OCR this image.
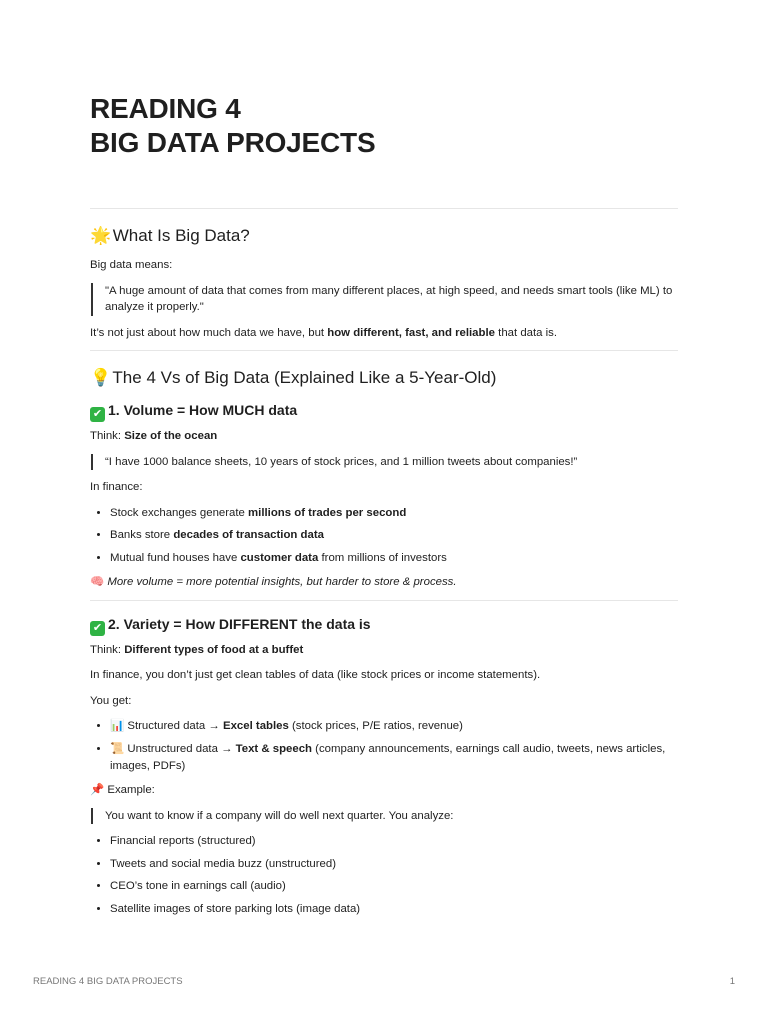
READING 4
BIG DATA PROJECTS
🌟 What Is Big Data?

Big data means:

"A huge amount of data that comes from many different places, at high speed, and needs smart tools (like ML) to analyze it properly."

It’s not just about how much data we have, but how different, fast, and reliable that data is.

💡 The 4 Vs of Big Data (Explained Like a 5-Year-Old)
✔ 1. Volume = How MUCH data

Think: Size of the ocean

“I have 1000 balance sheets, 10 years of stock prices, and 1 million tweets about companies!”

In finance:

• Stock exchanges generate millions of trades per second
• Banks store decades of transaction data
• Mutual fund houses have customer data from millions of investors

🧠 More volume = more potential insights, but harder to store & process.

✔ 2. Variety = How DIFFERENT the data is

Think: Different types of food at a buffet

In finance, you don’t just get clean tables of data (like stock prices or income statements).

You get:

• 📊 Structured data → Excel tables (stock prices, P/E ratios, revenue)
• 📜 Unstructured data → Text & speech (company announcements, earnings call audio, tweets, news articles, images, PDFs)

📌 Example:

You want to know if a company will do well next quarter. You analyze:
• Financial reports (structured)
• Tweets and social media buzz (unstructured)
• CEO’s tone in earnings call (audio)
• Satellite images of store parking lots (image data)
READING 4 BIG DATA PROJECTS	1
